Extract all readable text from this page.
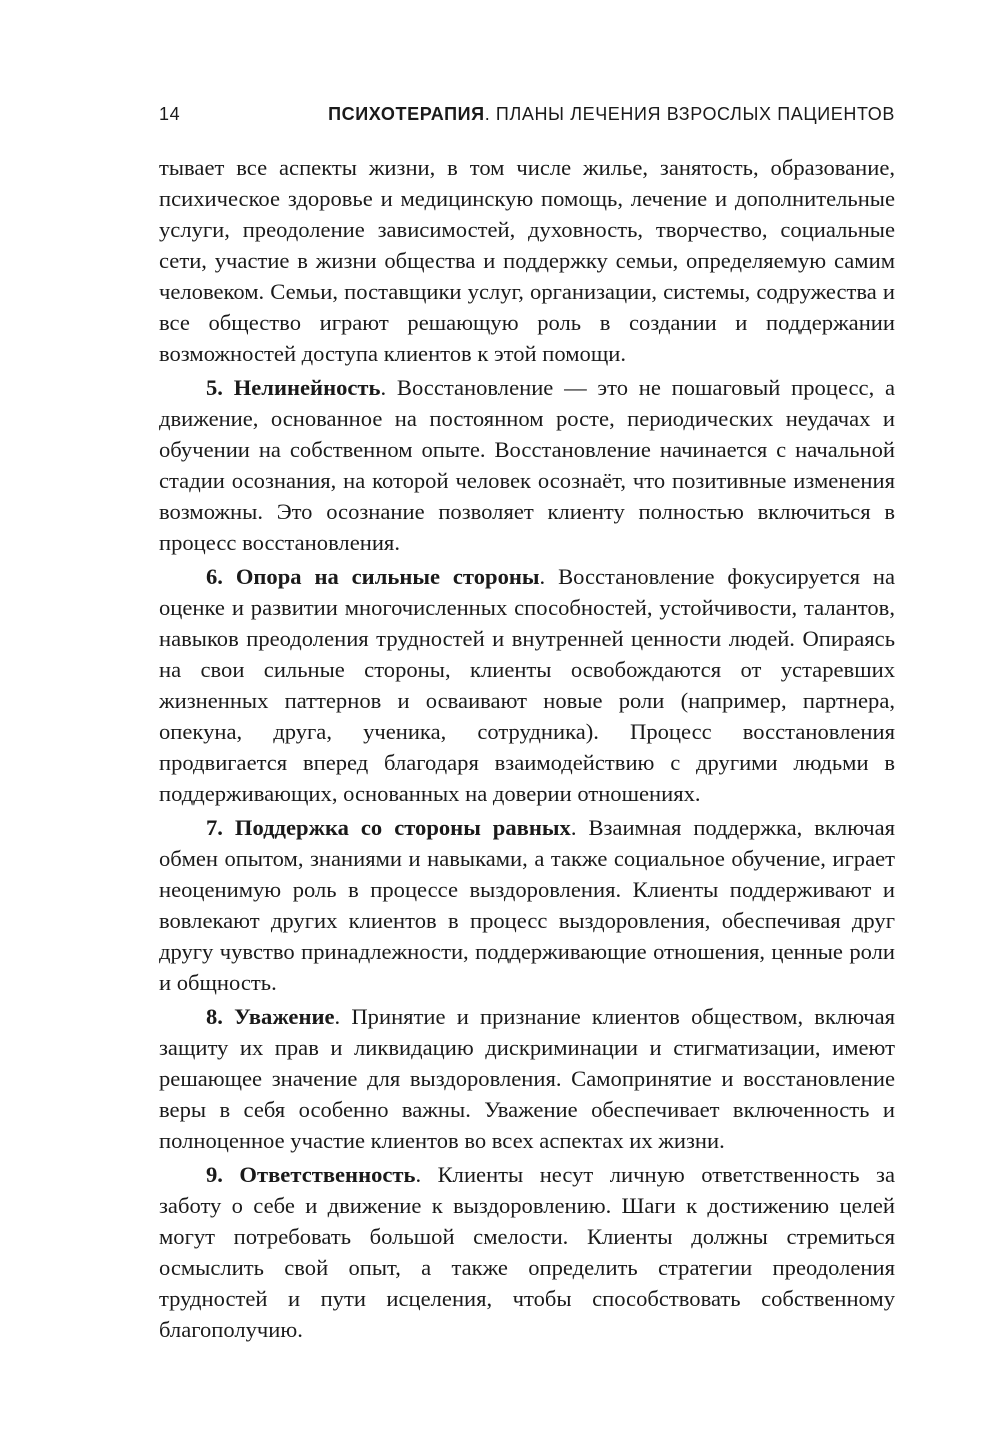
14	ПСИХОТЕРАПИЯ. ПЛАНЫ ЛЕЧЕНИЯ ВЗРОСЛЫХ ПАЦИЕНТОВ

тывает все аспекты жизни, в том числе жилье, занятость, образование, психическое здоровье и медицинскую помощь, лечение и дополнительные услуги, преодоление зависимостей, духовность, творчество, социальные сети, участие в жизни общества и поддержку семьи, определяемую самим человеком. Семьи, поставщики услуг, организации, системы, содружества и все общество играют решающую роль в создании и поддержании возможностей доступа клиентов к этой помощи.

5. Нелинейность. Восстановление — это не пошаговый процесс, а движение, основанное на постоянном росте, периодических неудачах и обучении на собственном опыте. Восстановление начинается с начальной стадии осознания, на которой человек осознаёт, что позитивные изменения возможны. Это осознание позволяет клиенту полностью включиться в процесс восстановления.

6. Опора на сильные стороны. Восстановление фокусируется на оценке и развитии многочисленных способностей, устойчивости, талантов, навыков преодоления трудностей и внутренней ценности людей. Опираясь на свои сильные стороны, клиенты освобождаются от устаревших жизненных паттернов и осваивают новые роли (например, партнера, опекуна, друга, ученика, сотрудника). Процесс восстановления продвигается вперед благодаря взаимодействию с другими людьми в поддерживающих, основанных на доверии отношениях.

7. Поддержка со стороны равных. Взаимная поддержка, включая обмен опытом, знаниями и навыками, а также социальное обучение, играет неоценимую роль в процессе выздоровления. Клиенты поддерживают и вовлекают других клиентов в процесс выздоровления, обеспечивая друг другу чувство принадлежности, поддерживающие отношения, ценные роли и общность.

8. Уважение. Принятие и признание клиентов обществом, включая защиту их прав и ликвидацию дискриминации и стигматизации, имеют решающее значение для выздоровления. Самопринятие и восстановление веры в себя особенно важны. Уважение обеспечивает включенность и полноценное участие клиентов во всех аспектах их жизни.

9. Ответственность. Клиенты несут личную ответственность за заботу о себе и движение к выздоровлению. Шаги к достижению целей могут потребовать большой смелости. Клиенты должны стремиться осмыслить свой опыт, а также определить стратегии преодоления трудностей и пути исцеления, чтобы способствовать собственному благополучию.
